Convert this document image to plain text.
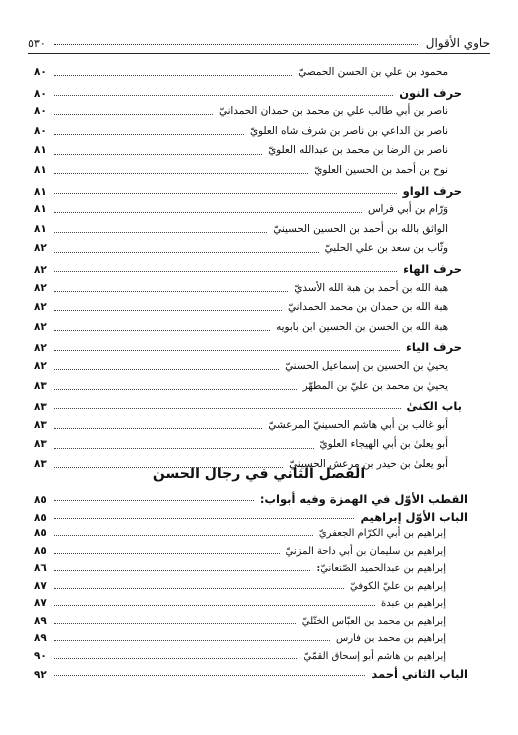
حاوي الأقوال
٥٣٠
محمود بن علي بن الحسن الحمصيّ
٨٠
حرف النون
٨٠
ناصر بن أبي طالب علي بن محمد بن حمدان الحمدانيّ
٨٠
ناصر بن الداعي بن ناصر بن شرف شاه العلويّ
٨٠
ناصر بن الرضا بن محمد بن عبدالله العلويّ
٨١
نوح بن أحمد بن الحسين العلويّ
٨١
حرف الواو
٨١
وَرّام بن أبي فراس
٨١
الواثق بالله بن أحمد بن الحسين الحسينيّ
٨١
وثّاب بن سعد بن علي الحلبيّ
٨٢
حرف الهاء
٨٢
هبة الله بن أحمد بن هبة الله الأسديّ
٨٢
هبة الله بن حمدان بن محمد الحمدانيّ
٨٢
هبة الله بن الحسن بن الحسين ابن بابويه
٨٢
حرف الياء
٨٢
يحييٰ بن الحسين بن إسماعيل الحسنيّ
٨٢
يحييٰ بن محمد بن عليّ بن المطهّر
٨٣
باب الكنىٰ
٨٣
أبو غالب بن أبي هاشم الحسينيّ المرعشيّ
٨٣
أبو يعلىٰ بن أبي الهيجاء العلويّ
٨٣
أبو يعلىٰ بن حيدر بن مرعش الحسينيّ
٨٣
الفصل الثاني في رجال الحسن
القطب الأوّل في الهمزة وفيه أبواب
:
٨٥
الباب الأوّل إبراهيم
٨٥
إبراهيم بن أبي الكرّام الجعفريّ
٨٥
إبراهيم بن سليمان بن أبي داحة المزنيّ
٨٥
إبراهيم بن عبدالحميد الصّنعانيّ
:
٨٦
إبراهيم بن عليّ الكوفيّ
٨٧
إبراهيم بن عبدة
٨٧
إبراهيم بن محمد بن العبّاس الختّليّ
٨٩
إبراهيم بن محمد بن فارس
٨٩
إبراهيم بن هاشم أبو إسحاق القمّيّ
٩٠
الباب الثاني أحمد
٩٢
